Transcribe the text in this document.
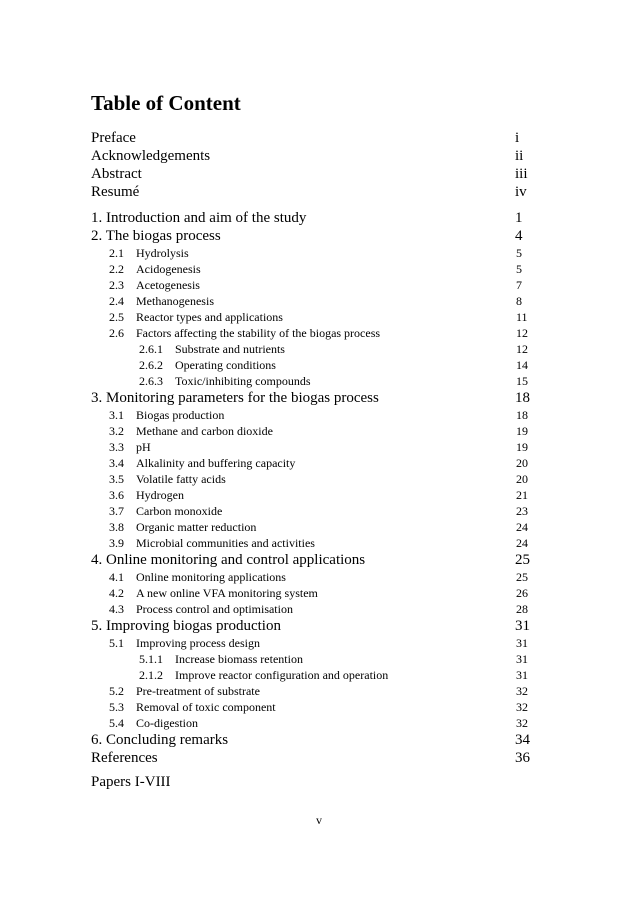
Table of Content
Preface	i
Acknowledgements	ii
Abstract	iii
Resumé	iv
1. Introduction and aim of the study	1
2. The biogas process	4
2.1	Hydrolysis	5
2.2	Acidogenesis	5
2.3	Acetogenesis	7
2.4	Methanogenesis	8
2.5	Reactor types and applications	11
2.6	Factors affecting the stability of the biogas process	12
2.6.1	Substrate and nutrients	12
2.6.2	Operating conditions	14
2.6.3	Toxic/inhibiting compounds	15
3. Monitoring parameters for the biogas process	18
3.1	Biogas production	18
3.2	Methane and carbon dioxide	19
3.3	pH	19
3.4	Alkalinity and buffering capacity	20
3.5	Volatile fatty acids	20
3.6	Hydrogen	21
3.7	Carbon monoxide	23
3.8	Organic matter reduction	24
3.9	Microbial communities and activities	24
4. Online monitoring and control applications	25
4.1	Online monitoring applications	25
4.2	A new online VFA monitoring system	26
4.3	Process control and optimisation	28
5. Improving biogas production	31
5.1	Improving process design	31
5.1.1	Increase biomass retention	31
2.1.2	Improve reactor configuration and operation	31
5.2	Pre-treatment of substrate	32
5.3	Removal of toxic component	32
5.4	Co-digestion	32
6. Concluding remarks	34
References	36
Papers I-VIII
v
